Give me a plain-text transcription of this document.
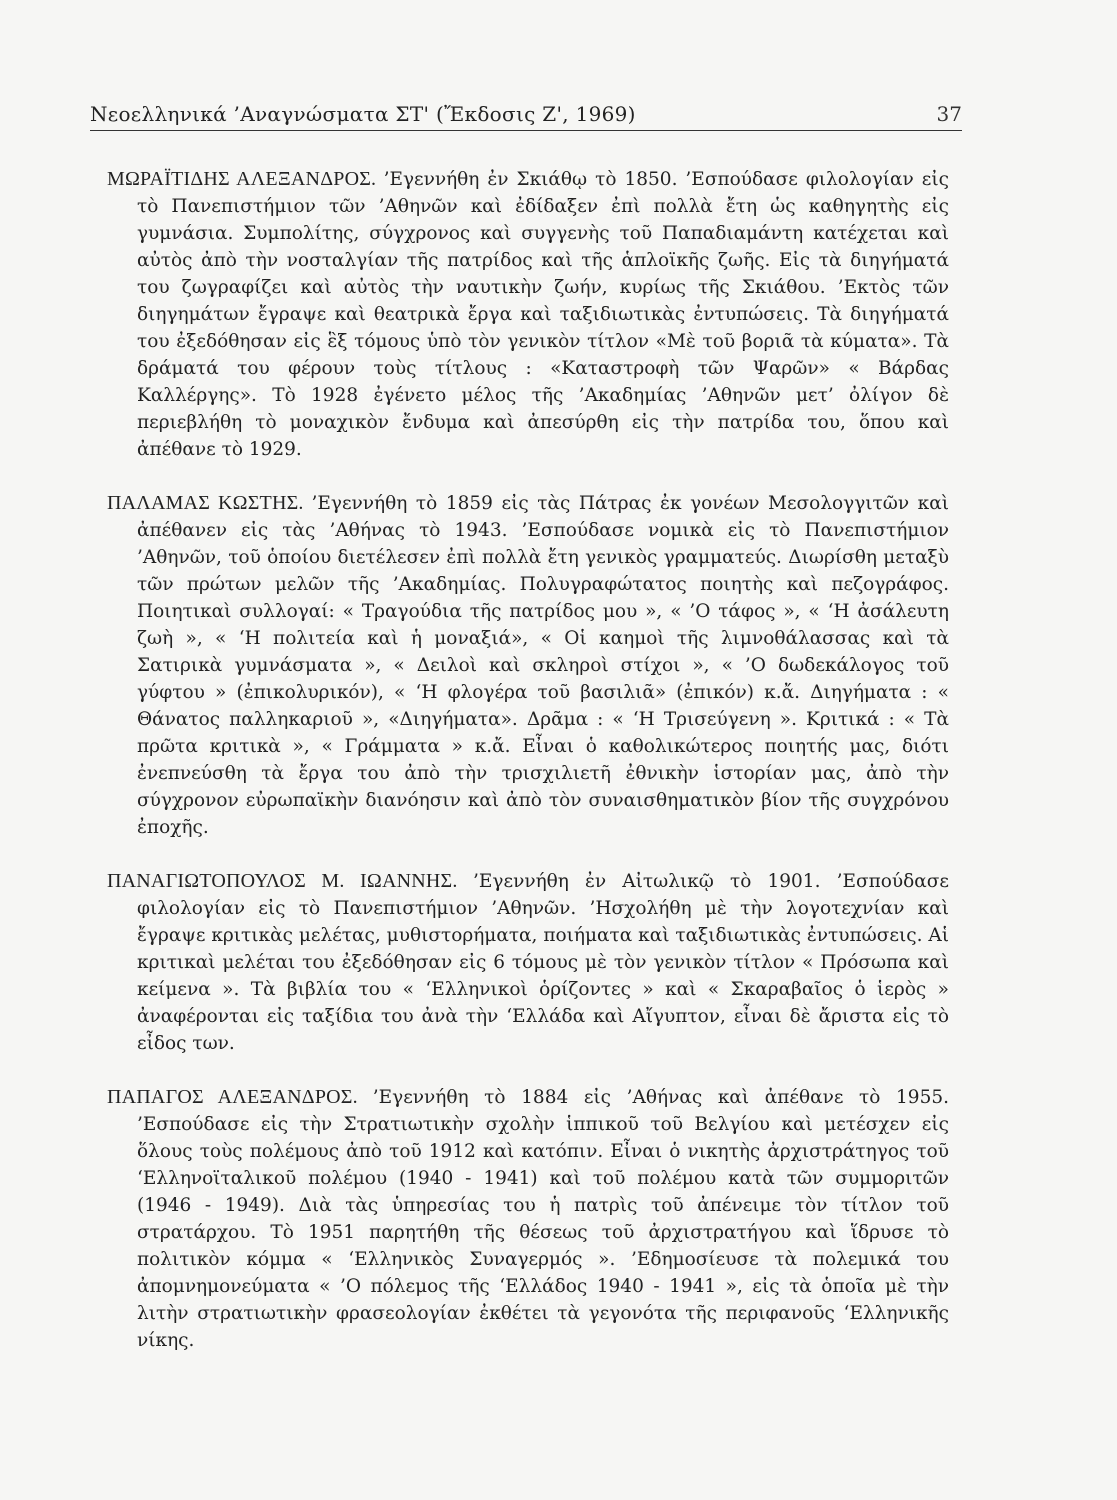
Νεοελληνικά ’Αναγνώσματα ΣΤ' (Ἔκδοσις Ζ', 1969)	37

ΜΩΡΑΪΤΙΔΗΣ ΑΛΕΞΑΝΔΡΟΣ. ’Εγεννήθη ἐν Σκιάθῳ τὸ 1850. ’Εσπούδασε φιλολογίαν εἰς τὸ Πανεπιστήμιον τῶν ’Αθηνῶν καὶ ἐδίδαξεν ἐπὶ πολλὰ ἔτη ὡς καθηγητὴς εἰς γυμνάσια. Συμπολίτης, σύγχρονος καὶ συγγενὴς τοῦ Παπαδιαμάντη κατέχεται καὶ αὐτὸς ἀπὸ τὴν νοσταλγίαν τῆς πατρίδος καὶ τῆς ἁπλοϊκῆς ζωῆς. Εἰς τὰ διηγήματά του ζωγραφίζει καὶ αὐτὸς τὴν ναυτικὴν ζωήν, κυρίως τῆς Σκιάθου. ’Εκτὸς τῶν διηγημάτων ἔγραψε καὶ θεατρικὰ ἔργα καὶ ταξιδιωτικὰς ἐντυπώσεις. Τὰ διηγήματά του ἐξεδόθησαν εἰς ἓξ τόμους ὑπὸ τὸν γενικὸν τίτλον «Μὲ τοῦ βοριᾶ τὰ κύματα». Τὰ δράματά του φέρουν τοὺς τίτλους : «Καταστροφὴ τῶν Ψαρῶν» « Βάρδας Καλλέργης». Τὸ 1928 ἐγένετο μέλος τῆς ’Ακαδημίας ’Αθηνῶν μετ’ ὀλίγον δὲ περιεβλήθη τὸ μοναχικὸν ἔνδυμα καὶ ἀπεσύρθη εἰς τὴν πατρίδα του, ὅπου καὶ ἀπέθανε τὸ 1929.

ΠΑΛΑΜΑΣ ΚΩΣΤΗΣ. ’Εγεννήθη τὸ 1859 εἰς τὰς Πάτρας ἐκ γονέων Μεσολογγιτῶν καὶ ἀπέθανεν εἰς τὰς ’Αθήνας τὸ 1943. ’Εσπούδασε νομικὰ εἰς τὸ Πανεπιστήμιον ’Αθηνῶν, τοῦ ὁποίου διετέλεσεν ἐπὶ πολλὰ ἔτη γενικὸς γραμματεύς. Διωρίσθη μεταξὺ τῶν πρώτων μελῶν τῆς ’Ακαδημίας. Πολυγραφώτατος ποιητὴς καὶ πεζογράφος. Ποιητικαὶ συλλογαί: « Τραγούδια τῆς πατρίδος μου », « ’Ο τάφος », « ‘Η ἀσάλευτη ζωὴ », « ‘Η πολιτεία καὶ ἡ μοναξιά», « Οἱ καημοὶ τῆς λιμνοθάλασσας καὶ τὰ Σατιρικὰ γυμνάσματα », « Δειλοὶ καὶ σκληροὶ στίχοι », « ’Ο δωδεκάλογος τοῦ γύφτου » (ἐπικολυρικόν), « ‘Η φλογέρα τοῦ βασιλιᾶ» (ἐπικόν) κ.ἄ. Διηγήματα : « Θάνατος παλληκαριοῦ », «Διηγήματα». Δρᾶμα : « ‘Η Τρισεύγενη ». Κριτικά : « Τὰ πρῶτα κριτικὰ », « Γράμματα » κ.ἄ. Εἶναι ὁ καθολικώτερος ποιητής μας, διότι ἐνεπνεύσθη τὰ ἔργα του ἀπὸ τὴν τρισχιλιετῆ ἐθνικὴν ἱστορίαν μας, ἀπὸ τὴν σύγχρονον εὐρωπαϊκὴν διανόησιν καὶ ἀπὸ τὸν συναισθηματικὸν βίον τῆς συγχρόνου ἐποχῆς.

ΠΑΝΑΓΙΩΤΟΠΟΥΛΟΣ Μ. ΙΩΑΝΝΗΣ. ’Εγεννήθη ἐν Αἰτωλικῷ τὸ 1901. ’Εσπούδασε φιλολογίαν εἰς τὸ Πανεπιστήμιον ’Αθηνῶν. ’Ησχολήθη μὲ τὴν λογοτεχνίαν καὶ ἔγραψε κριτικὰς μελέτας, μυθιστορήματα, ποιήματα καὶ ταξιδιωτικὰς ἐντυπώσεις. Αἱ κριτικαὶ μελέται του ἐξεδόθησαν εἰς 6 τόμους μὲ τὸν γενικὸν τίτλον « Πρόσωπα καὶ κείμενα ». Τὰ βιβλία του « ‘Ελληνικοὶ ὁρίζοντες » καὶ « Σκαραβαῖος ὁ ἱερὸς » ἀναφέρονται εἰς ταξίδια του ἀνὰ τὴν ‘Ελλάδα καὶ Αἴγυπτον, εἶναι δὲ ἄριστα εἰς τὸ εἶδος των.

ΠΑΠΑΓΟΣ ΑΛΕΞΑΝΔΡΟΣ. ’Εγεννήθη τὸ 1884 εἰς ’Αθήνας καὶ ἀπέθανε τὸ 1955. ’Εσπούδασε εἰς τὴν Στρατιωτικὴν σχολὴν ἱππικοῦ τοῦ Βελγίου καὶ μετέσχεν εἰς ὅλους τοὺς πολέμους ἀπὸ τοῦ 1912 καὶ κατόπιν. Εἶναι ὁ νικητὴς ἀρχιστράτηγος τοῦ ‘Ελληνοϊταλικοῦ πολέμου (1940 - 1941) καὶ τοῦ πολέμου κατὰ τῶν συμμοριτῶν (1946 - 1949). Διὰ τὰς ὑπηρεσίας του ἡ πατρὶς τοῦ ἀπένειμε τὸν τίτλον τοῦ στρατάρχου. Τὸ 1951 παρητήθη τῆς θέσεως τοῦ ἀρχιστρατήγου καὶ ἵδρυσε τὸ πολιτικὸν κόμμα « ‘Ελληνικὸς Συναγερμός ». ’Εδημοσίευσε τὰ πολεμικά του ἀπομνημονεύματα « ’Ο πόλεμος τῆς ‘Ελλάδος 1940 - 1941 », εἰς τὰ ὁποῖα μὲ τὴν λιτὴν στρατιωτικὴν φρασεολογίαν ἐκθέτει τὰ γεγονότα τῆς περιφανοῦς ‘Ελληνικῆς νίκης.
